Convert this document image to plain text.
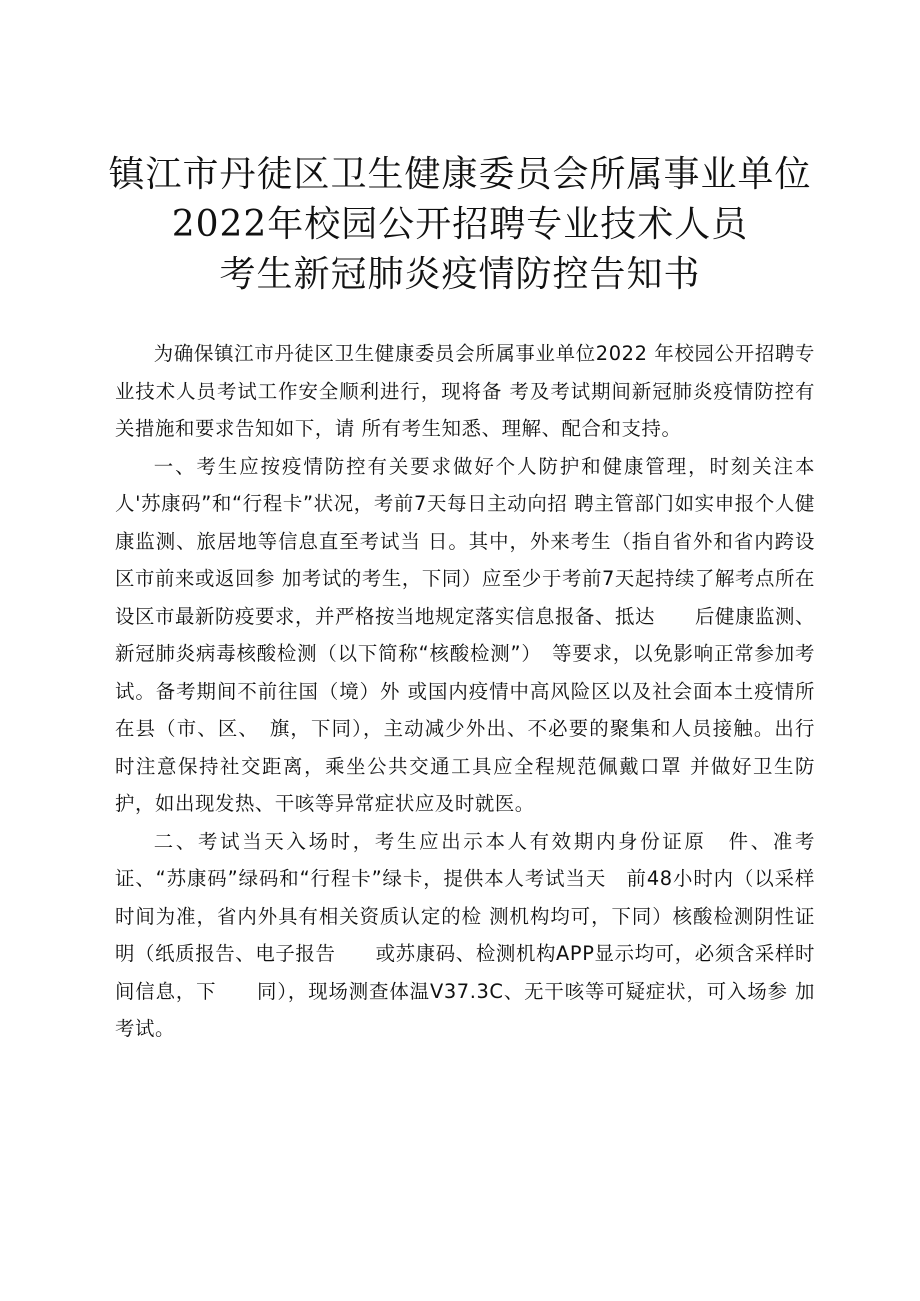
镇江市丹徒区卫生健康委员会所属事业单位
2022年校园公开招聘专业技术人员
考生新冠肺炎疫情防控告知书

为确保镇江市丹徒区卫生健康委员会所属事业单位2022 年校园公开招聘专业技术人员考试工作安全顺利进行，现将备 考及考试期间新冠肺炎疫情防控有关措施和要求告知如下，请 所有考生知悉、理解、配合和支持。

一、考生应按疫情防控有关要求做好个人防护和健康管理，时刻关注本人'苏康码”和“行程卡”状况，考前7天每日主动向招 聘主管部门如实申报个人健康监测、旅居地等信息直至考试当 日。其中，外来考生（指自省外和省内跨设区市前来或返回参 加考试的考生，下同）应至少于考前7天起持续了解考点所在 设区市最新防疫要求，并严格按当地规定落实信息报备、抵达　　后健康监测、新冠肺炎病毒核酸检测（以下简称“核酸检测”）　等要求，以免影响正常参加考试。备考期间不前往国（境）外 或国内疫情中高风险区以及社会面本土疫情所在县（市、区、　旗，下同），主动减少外出、不必要的聚集和人员接触。出行 时注意保持社交距离，乘坐公共交通工具应全程规范佩戴口罩 并做好卫生防护，如出现发热、干咳等异常症状应及时就医。

二、考试当天入场时，考生应出示本人有效期内身份证原　件、准考证、“苏康码”绿码和“行程卡”绿卡，提供本人考试当天　前48小时内（以采样时间为准，省内外具有相关资质认定的检 测机构均可，下同）核酸检测阴性证明（纸质报告、电子报告　　或苏康码、检测机构APP显示均可，必须含采样时间信息，下　　同），现场测查体温V37.3C、无干咳等可疑症状，可入场参 加考试。
